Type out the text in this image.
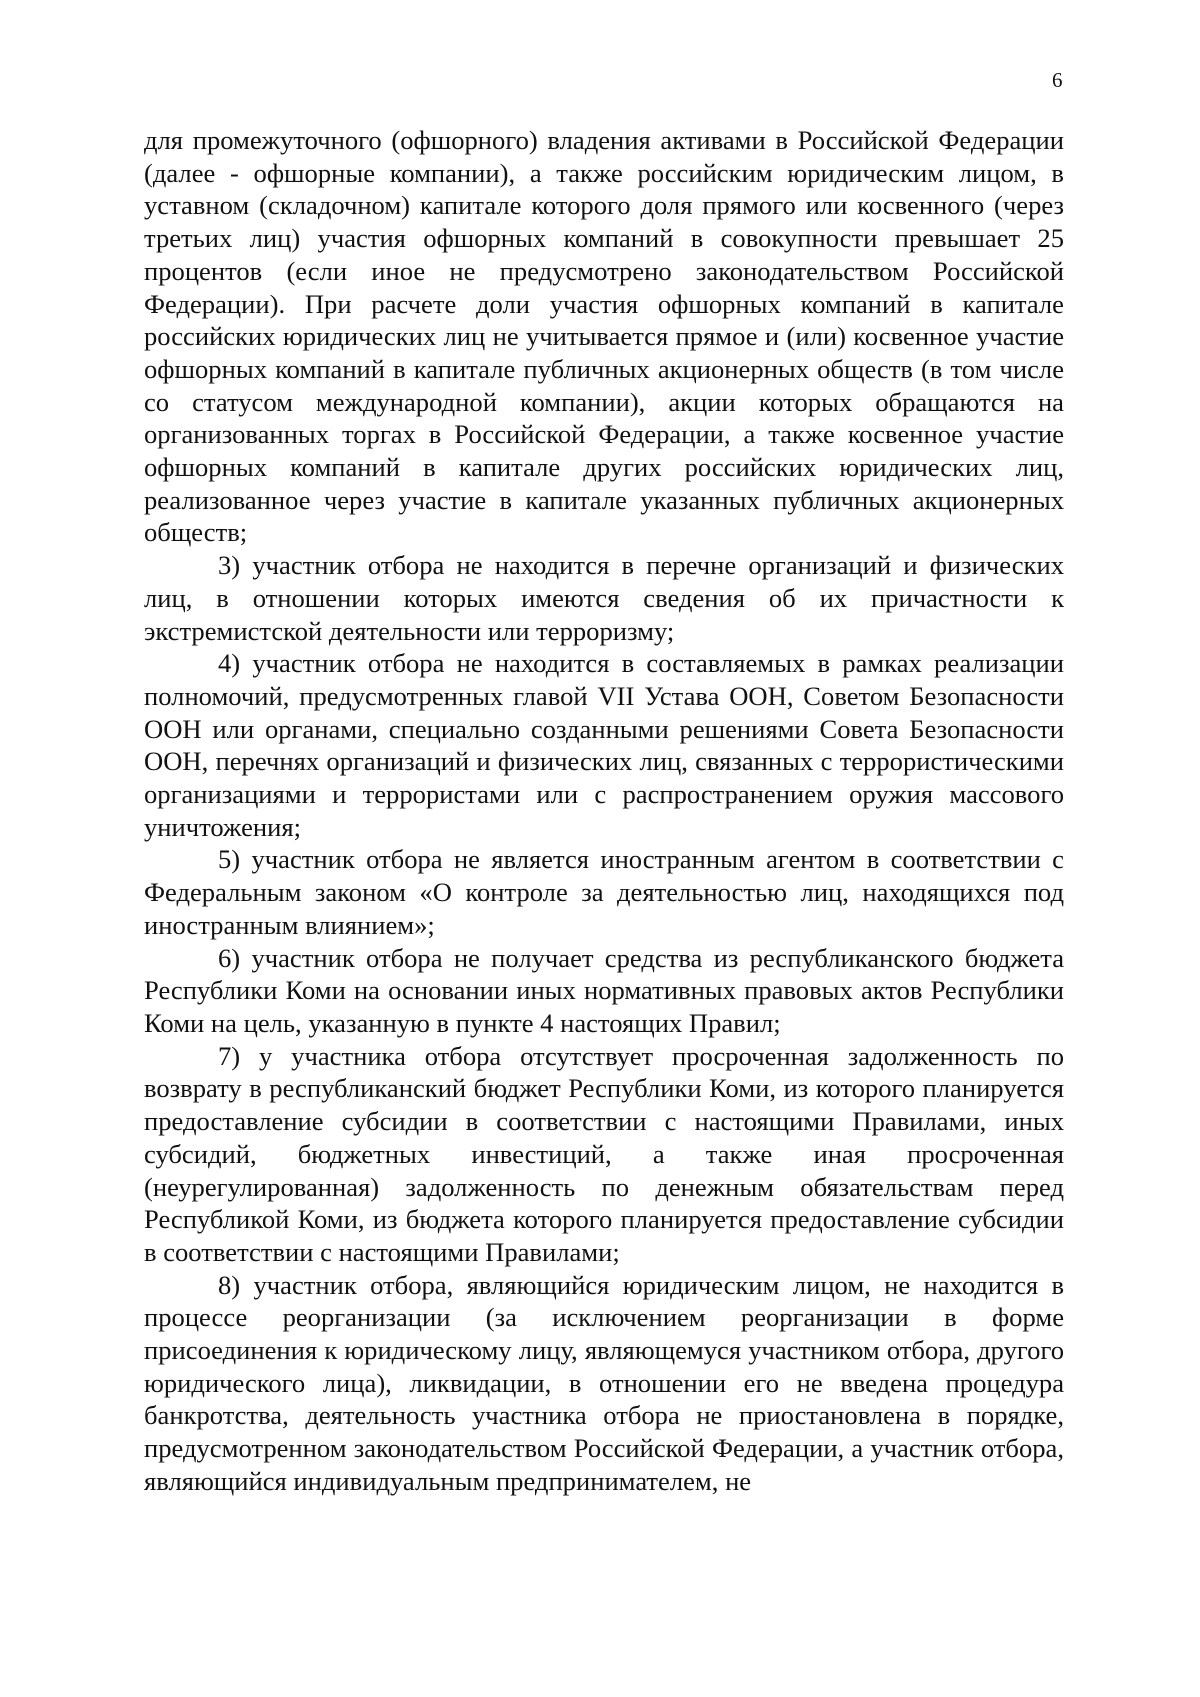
6

для промежуточного (офшорного) владения активами в Российской Федерации (далее - офшорные компании), а также российским юридическим лицом, в уставном (складочном) капитале которого доля прямого или косвенного (через третьих лиц) участия офшорных компаний в совокупности превышает 25 процентов (если иное не предусмотрено законодательством Российской Федерации). При расчете доли участия офшорных компаний в капитале российских юридических лиц не учитывается прямое и (или) косвенное участие офшорных компаний в капитале публичных акционерных обществ (в том числе со статусом международной компании), акции которых обращаются на организованных торгах в Российской Федерации, а также косвенное участие офшорных компаний в капитале других российских юридических лиц, реализованное через участие в капитале указанных публичных акционерных обществ;

3) участник отбора не находится в перечне организаций и физических лиц, в отношении которых имеются сведения об их причастности к экстремистской деятельности или терроризму;

4) участник отбора не находится в составляемых в рамках реализации полномочий, предусмотренных главой VII Устава ООН, Советом Безопасности ООН или органами, специально созданными решениями Совета Безопасности ООН, перечнях организаций и физических лиц, связанных с террористическими организациями и террористами или с распространением оружия массового уничтожения;

5) участник отбора не является иностранным агентом в соответствии с Федеральным законом «О контроле за деятельностью лиц, находящихся под иностранным влиянием»;

6) участник отбора не получает средства из республиканского бюджета Республики Коми на основании иных нормативных правовых актов Республики Коми на цель, указанную в пункте 4 настоящих Правил;

7) у участника отбора отсутствует просроченная задолженность по возврату в республиканский бюджет Республики Коми, из которого планируется предоставление субсидии в соответствии с настоящими Правилами, иных субсидий, бюджетных инвестиций, а также иная просроченная (неурегулированная) задолженность по денежным обязательствам перед Республикой Коми, из бюджета которого планируется предоставление субсидии в соответствии с настоящими Правилами;

8) участник отбора, являющийся юридическим лицом, не находится в процессе реорганизации (за исключением реорганизации в форме присоединения к юридическому лицу, являющемуся участником отбора, другого юридического лица), ликвидации, в отношении его не введена процедура банкротства, деятельность участника отбора не приостановлена в порядке, предусмотренном законодательством Российской Федерации, а участник отбора, являющийся индивидуальным предпринимателем, не
